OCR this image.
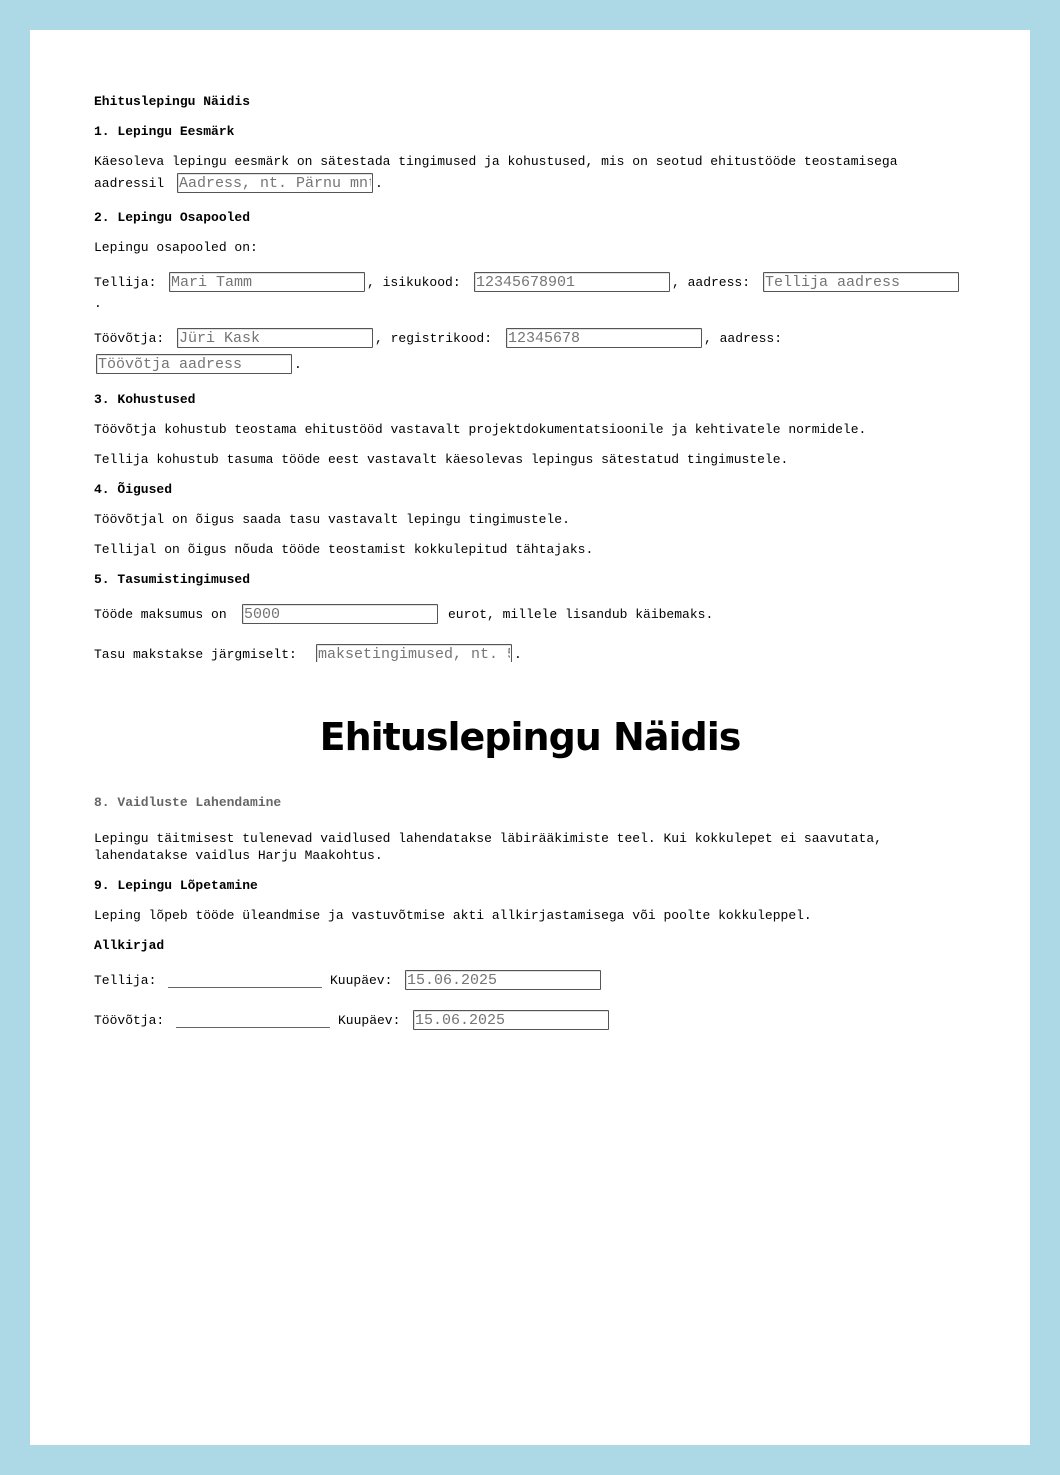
Ehituslepingu Näidis

1. Lepingu Eesmärk

Käesoleva lepingu eesmärk on sätestada tingimused ja kohustused, mis on seotud ehitustööde teostamisega

aadressil

Aadress, nt. Pärnu mnt 10, Tallinn	.

2. Lepingu Osapooled

Lepingu osapooled on:

Tellija:

Mari Tamm	, isikukood:

12345678901	, aadress:

Tellija aadress

.

Töövõtja:

Jüri Kask	, registrikood:

12345678	, aadress:

Töövõtja aadress

.

3. Kohustused

Töövõtja kohustub teostama ehitustööd vastavalt projektdokumentatsioonile ja kehtivatele normidele.

Tellija kohustub tasuma tööde eest vastavalt käesolevas lepingus sätestatud tingimustele.

4. Õigused

Töövõtjal on õigus saada tasu vastavalt lepingu tingimustele.

Tellijal on õigus nõuda tööde teostamist kokkulepitud tähtajaks.

5. Tasumistingimused

Tööde maksumus on

5000	eurot, millele lisandub käibemaks.

Tasu makstakse järgmiselt:

maksetingimused, nt. 50% ettemaks	.

Ehituslepingu Näidis
8. Vaidluste Lahendamine

Lepingu täitmisest tulenevad vaidlused lahendatakse läbirääkimiste teel. Kui kokkulepet ei saavutata,

lahendatakse vaidlus Harju Maakohtus.

9. Lepingu Lõpetamine

Leping lõpeb tööde üleandmise ja vastuvõtmise akti allkirjastamisega või poolte kokkuleppel.

Allkirjad

Tellija:	Kuupäev:

15.06.2025

Töövõtja:	Kuupäev:

15.06.2025
